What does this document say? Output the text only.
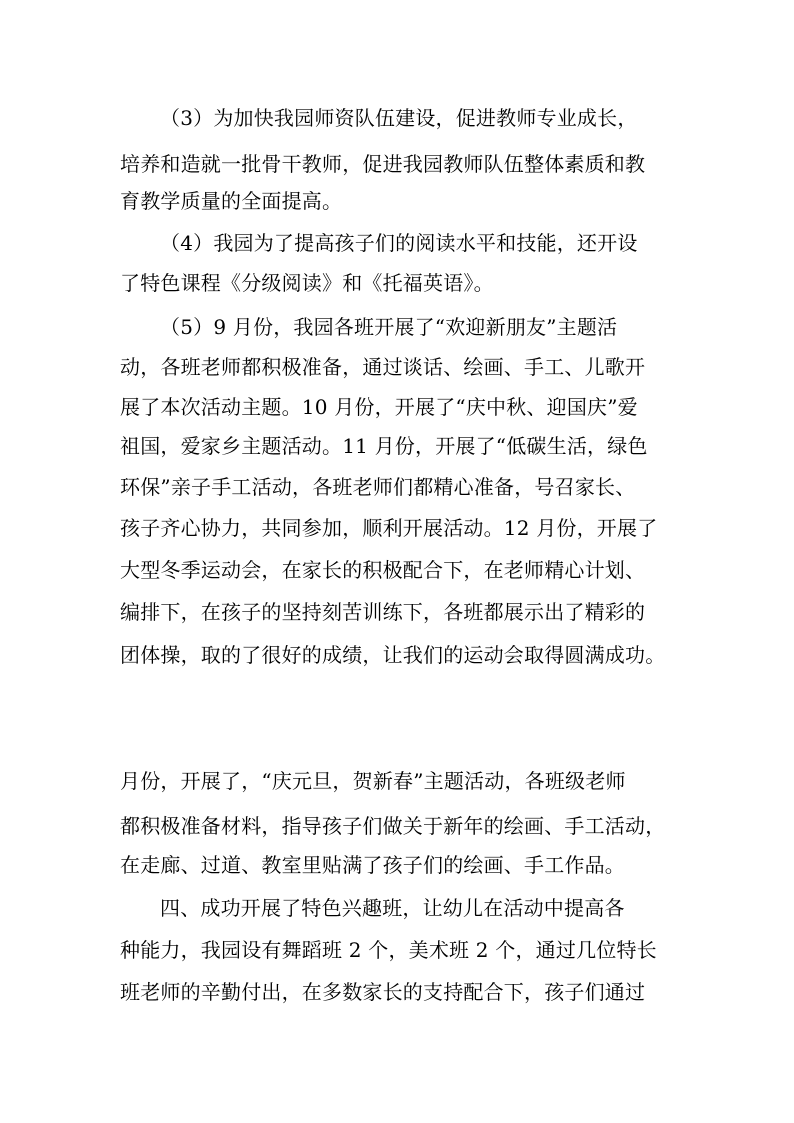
（3）为加快我园师资队伍建设，促进教师专业成长，
培养和造就一批骨干教师，促进我园教师队伍整体素质和教
育教学质量的全面提高。
（4）我园为了提高孩子们的阅读水平和技能，还开设
了特色课程《分级阅读》和《托福英语》。
（5）9 月份，我园各班开展了“欢迎新朋友”主题活
动，各班老师都积极准备，通过谈话、绘画、手工、儿歌开
展了本次活动主题。10 月份，开展了“庆中秋、迎国庆”爱
祖国，爱家乡主题活动。11 月份，开展了“低碳生活，绿色
环保”亲子手工活动，各班老师们都精心准备，号召家长、
孩子齐心协力，共同参加，顺利开展活动。12 月份，开展了
大型冬季运动会，在家长的积极配合下，在老师精心计划、
编排下，在孩子的坚持刻苦训练下，各班都展示出了精彩的
团体操，取的了很好的成绩，让我们的运动会取得圆满成功。
月份，开展了，“庆元旦，贺新春”主题活动，各班级老师
都积极准备材料，指导孩子们做关于新年的绘画、手工活动，
在走廊、过道、教室里贴满了孩子们的绘画、手工作品。
四、成功开展了特色兴趣班，让幼儿在活动中提高各
种能力，我园设有舞蹈班 2 个，美术班 2 个，通过几位特长
班老师的辛勤付出，在多数家长的支持配合下，孩子们通过
